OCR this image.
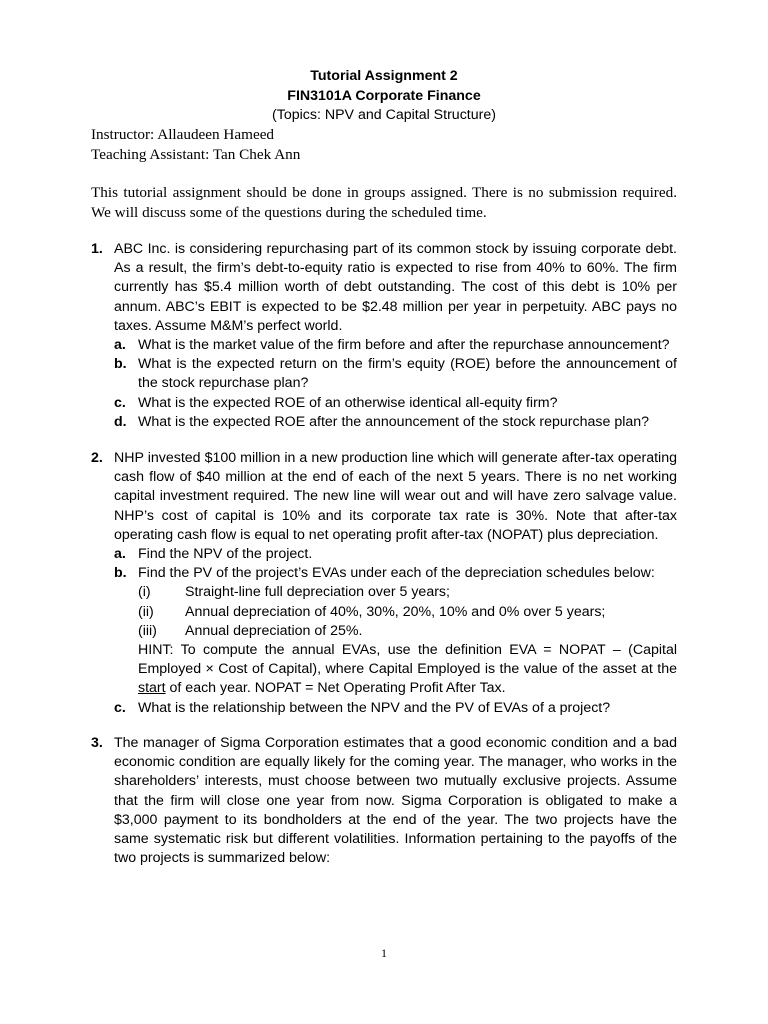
Tutorial Assignment 2
FIN3101A Corporate Finance
(Topics: NPV and Capital Structure)
Instructor: Allaudeen Hameed
Teaching Assistant: Tan Chek Ann
This tutorial assignment should be done in groups assigned. There is no submission required. We will discuss some of the questions during the scheduled time.
1. ABC Inc. is considering repurchasing part of its common stock by issuing corporate debt. As a result, the firm’s debt-to-equity ratio is expected to rise from 40% to 60%. The firm currently has $5.4 million worth of debt outstanding. The cost of this debt is 10% per annum. ABC’s EBIT is expected to be $2.48 million per year in perpetuity. ABC pays no taxes. Assume M&M’s perfect world.

a. What is the market value of the firm before and after the repurchase announcement?
b. What is the expected return on the firm’s equity (ROE) before the announcement of the stock repurchase plan?
c. What is the expected ROE of an otherwise identical all-equity firm?
d. What is the expected ROE after the announcement of the stock repurchase plan?
2. NHP invested $100 million in a new production line which will generate after-tax operating cash flow of $40 million at the end of each of the next 5 years. There is no net working capital investment required. The new line will wear out and will have zero salvage value. NHP’s cost of capital is 10% and its corporate tax rate is 30%. Note that after-tax operating cash flow is equal to net operating profit after-tax (NOPAT) plus depreciation.

a. Find the NPV of the project.
b. Find the PV of the project’s EVAs under each of the depreciation schedules below:
(i) Straight-line full depreciation over 5 years;
(ii) Annual depreciation of 40%, 30%, 20%, 10% and 0% over 5 years;
(iii) Annual depreciation of 25%.
HINT: To compute the annual EVAs, use the definition EVA = NOPAT – (Capital Employed × Cost of Capital), where Capital Employed is the value of the asset at the start of each year. NOPAT = Net Operating Profit After Tax.
c. What is the relationship between the NPV and the PV of EVAs of a project?
3. The manager of Sigma Corporation estimates that a good economic condition and a bad economic condition are equally likely for the coming year. The manager, who works in the shareholders’ interests, must choose between two mutually exclusive projects. Assume that the firm will close one year from now. Sigma Corporation is obligated to make a $3,000 payment to its bondholders at the end of the year. The two projects have the same systematic risk but different volatilities. Information pertaining to the payoffs of the two projects is summarized below:

1
